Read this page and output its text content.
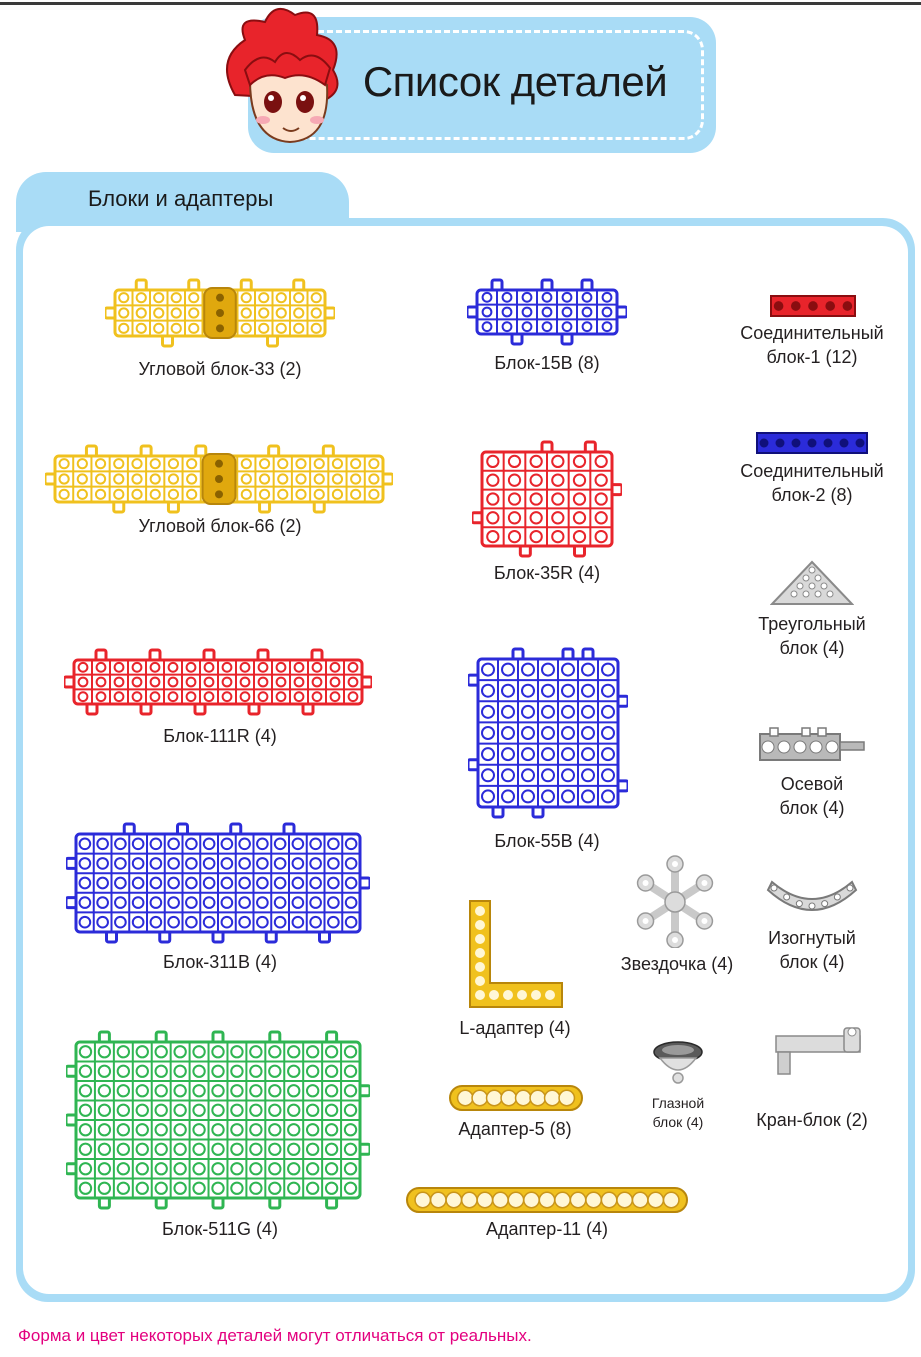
Список деталей
Блоки и адаптеры
Угловой блок-33 (2)
Угловой блок-66 (2)
Блок-111R (4)
Блок-311B (4)
Блок-511G (4)
Блок-15B (8)
Блок-35R (4)
Блок-55B (4)
L-адаптер (4)
Адаптер-5 (8)
Адаптер-11 (4)
Звездочка (4)
Глазной
блок (4)
Соединительный
блок-1 (12)
Соединительный
блок-2 (8)
Треугольный
блок (4)
Осевой
блок (4)
Изогнутый
блок (4)
Кран-блок (2)
Форма и цвет некоторых деталей могут отличаться от реальных.
